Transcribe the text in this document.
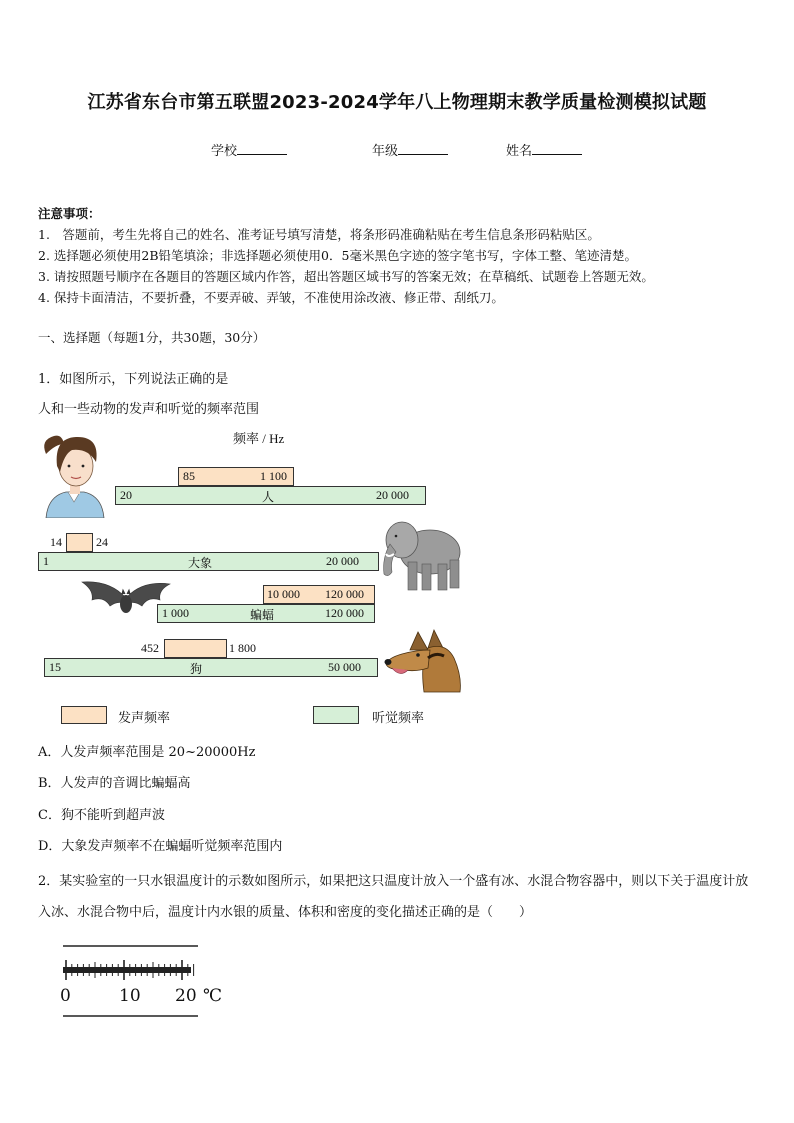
江苏省东台市第五联盟2023-2024学年八上物理期末教学质量检测模拟试题
学校	年级	姓名
注意事项：
1.　答题前，考生先将自己的姓名、准考证号填写清楚，将条形码准确粘贴在考生信息条形码粘贴区。
2. 选择题必须使用2B铅笔填涂；非选择题必须使用0．5毫米黑色字迹的签字笔书写，字体工整、笔迹清楚。
3. 请按照题号顺序在各题目的答题区域内作答，超出答题区域书写的答案无效；在草稿纸、试题卷上答题无效。
4. 保持卡面清洁，不要折叠，不要弄破、弄皱，不准使用涂改液、修正带、刮纸刀。
一、选择题（每题1分，共30题，30分）
1．如图所示，下列说法正确的是
人和一些动物的发声和听觉的频率范围
频率 / Hz
85	1 100
20	人	20 000
14	24
1	大象	20 000
10 000 120 000
1 000	蝙蝠	120 000
452	1 800
15	狗	50 000
发声频率	听觉频率
A．人发声频率范围是 20~20000Hz
B．人发声的音调比蝙蝠高
C．狗不能听到超声波
D．大象发声频率不在蝙蝠听觉频率范围内
2．某实验室的一只水银温度计的示数如图所示，如果把这只温度计放入一个盛有冰、水混合物容器中，则以下关于温度计放入冰、水混合物中后，温度计内水银的质量、体积和密度的变化描述正确的是（　　）
0	10 20 ℃
